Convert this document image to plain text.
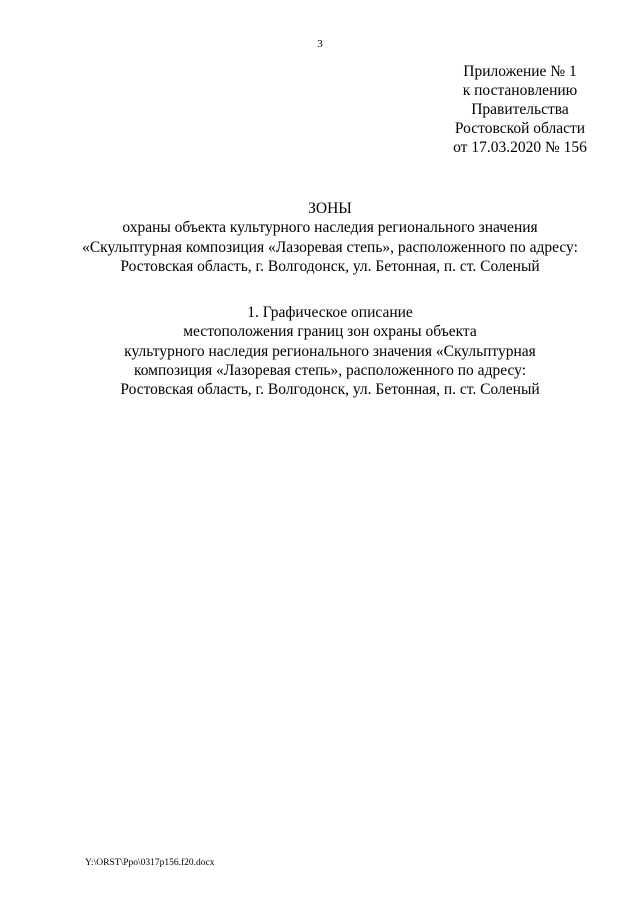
3
Приложение № 1
к постановлению
Правительства
Ростовской области
от 17.03.2020 № 156
ЗОНЫ
охраны объекта культурного наследия регионального значения
«Скульптурная композиция «Лазоревая степь», расположенного по адресу:
Ростовская область, г. Волгодонск, ул. Бетонная, п. ст. Соленый
1. Графическое описание
местоположения границ зон охраны объекта
культурного наследия регионального значения «Скульптурная
композиция «Лазоревая степь», расположенного по адресу:
Ростовская область, г. Волгодонск, ул. Бетонная, п. ст. Соленый
Y:\ORST\Ppo\0317p156.f20.docx
